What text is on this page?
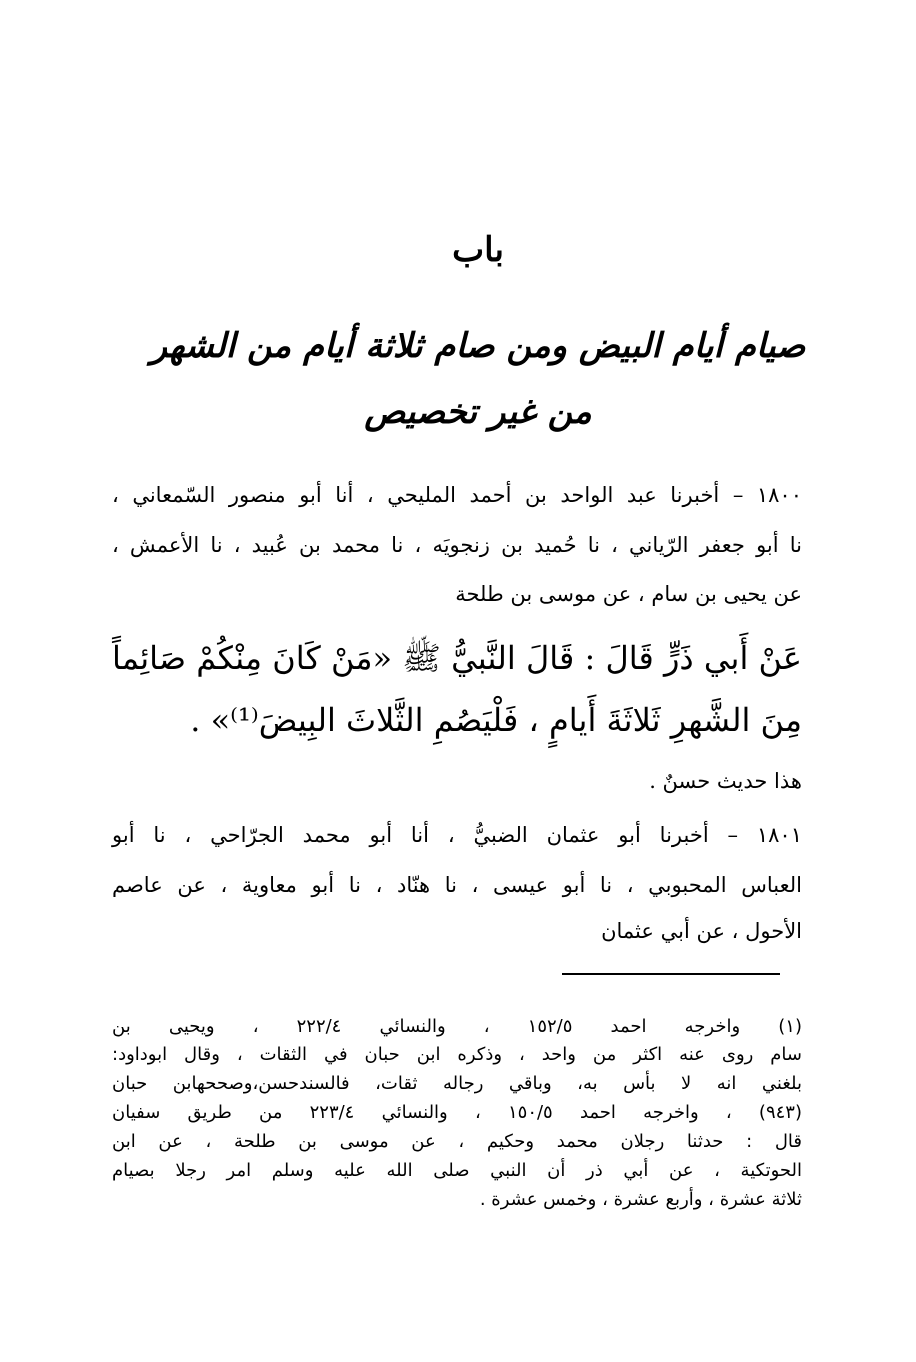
باب
صيام أيام البيض ومن صام ثلاثة أيام من الشهر
من غير تخصيص
١٨٠٠ – أخبرنا عبد الواحد بن أحمد المليحي ، أنا أبو منصور السّمعاني ،
نا أبو جعفر الرّياني ، نا حُميد بن زنجويَه ، نا محمد بن عُبيد ، نا الأعمش ،
عن يحيى بن سام ، عن موسى بن طلحة
عَنْ أَبي ذَرٍّ قَالَ : قَالَ النَّبيُّ ﷺ «مَنْ كَانَ مِنْكُمْ صَائِماً
مِنَ الشَّهرِ ثَلاثَةَ أَيامٍ ، فَلْيَصُمِ الثَّلاثَ البِيضَ⁽¹⁾» .
هذا حديث حسنٌ .
١٨٠١ – أخبرنا أبو عثمان الضبيُّ ، أنا أبو محمد الجرّاحي ، نا أبو
العباس المحبوبي ، نا أبو عيسى ، نا هنّاد ، نا أبو معاوية ، عن عاصم
الأحول ، عن أبي عثمان
(١) واخرجه احمد ١٥٢/٥ ، والنسائي ٢٢٢/٤ ، ويحيى بن
سام روى عنه اكثر من واحد ، وذكره ابن حبان في الثقات ، وقال ابوداود:
بلغني انه لا بأس به، وباقي رجاله ثقات، فالسندحسن،وصححهابن حبان
(٩٤٣) ، واخرجه احمد ١٥٠/٥ ، والنسائي ٢٢٣/٤ من طريق سفيان
قال : حدثنا رجلان محمد وحكيم ، عن موسى بن طلحة ، عن ابن
الحوتكية ، عن أبي ذر أن النبي صلى الله عليه وسلم امر رجلا بصيام
ثلاثة عشرة ، وأربع عشرة ، وخمس عشرة .
